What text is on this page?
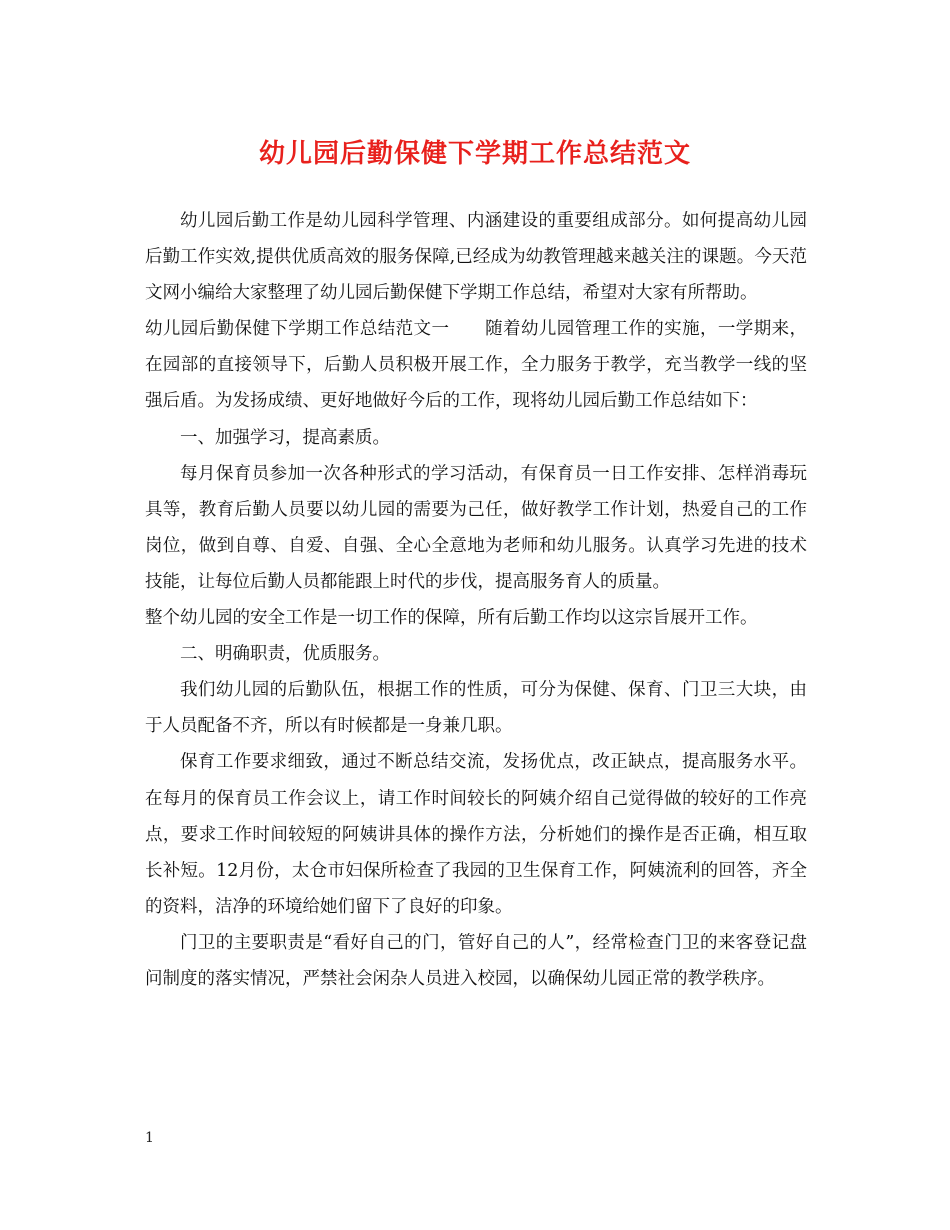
幼儿园后勤保健下学期工作总结范文

幼儿园后勤工作是幼儿园科学管理、内涵建设的重要组成部分。如何提高幼儿园后勤工作实效,提供优质高效的服务保障,已经成为幼教管理越来越关注的课题。今天范文网小编给大家整理了幼儿园后勤保健下学期工作总结，希望对大家有所帮助。

幼儿园后勤保健下学期工作总结范文一　　随着幼儿园管理工作的实施，一学期来，在园部的直接领导下，后勤人员积极开展工作，全力服务于教学，充当教学一线的坚强后盾。为发扬成绩、更好地做好今后的工作，现将幼儿园后勤工作总结如下：

一、加强学习，提高素质。

每月保育员参加一次各种形式的学习活动，有保育员一日工作安排、怎样消毒玩具等，教育后勤人员要以幼儿园的需要为己任，做好教学工作计划，热爱自己的工作岗位，做到自尊、自爱、自强、全心全意地为老师和幼儿服务。认真学习先进的技术技能，让每位后勤人员都能跟上时代的步伐，提高服务育人的质量。

整个幼儿园的安全工作是一切工作的保障，所有后勤工作均以这宗旨展开工作。

二、明确职责，优质服务。

我们幼儿园的后勤队伍，根据工作的性质，可分为保健、保育、门卫三大块，由于人员配备不齐，所以有时候都是一身兼几职。

保育工作要求细致，通过不断总结交流，发扬优点，改正缺点，提高服务水平。在每月的保育员工作会议上，请工作时间较长的阿姨介绍自己觉得做的较好的工作亮点，要求工作时间较短的阿姨讲具体的操作方法，分析她们的操作是否正确，相互取长补短。12月份，太仓市妇保所检查了我园的卫生保育工作，阿姨流利的回答，齐全的资料，洁净的环境给她们留下了良好的印象。

门卫的主要职责是“看好自己的门，管好自己的人”，经常检查门卫的来客登记盘问制度的落实情况，严禁社会闲杂人员进入校园，以确保幼儿园正常的教学秩序。

1
